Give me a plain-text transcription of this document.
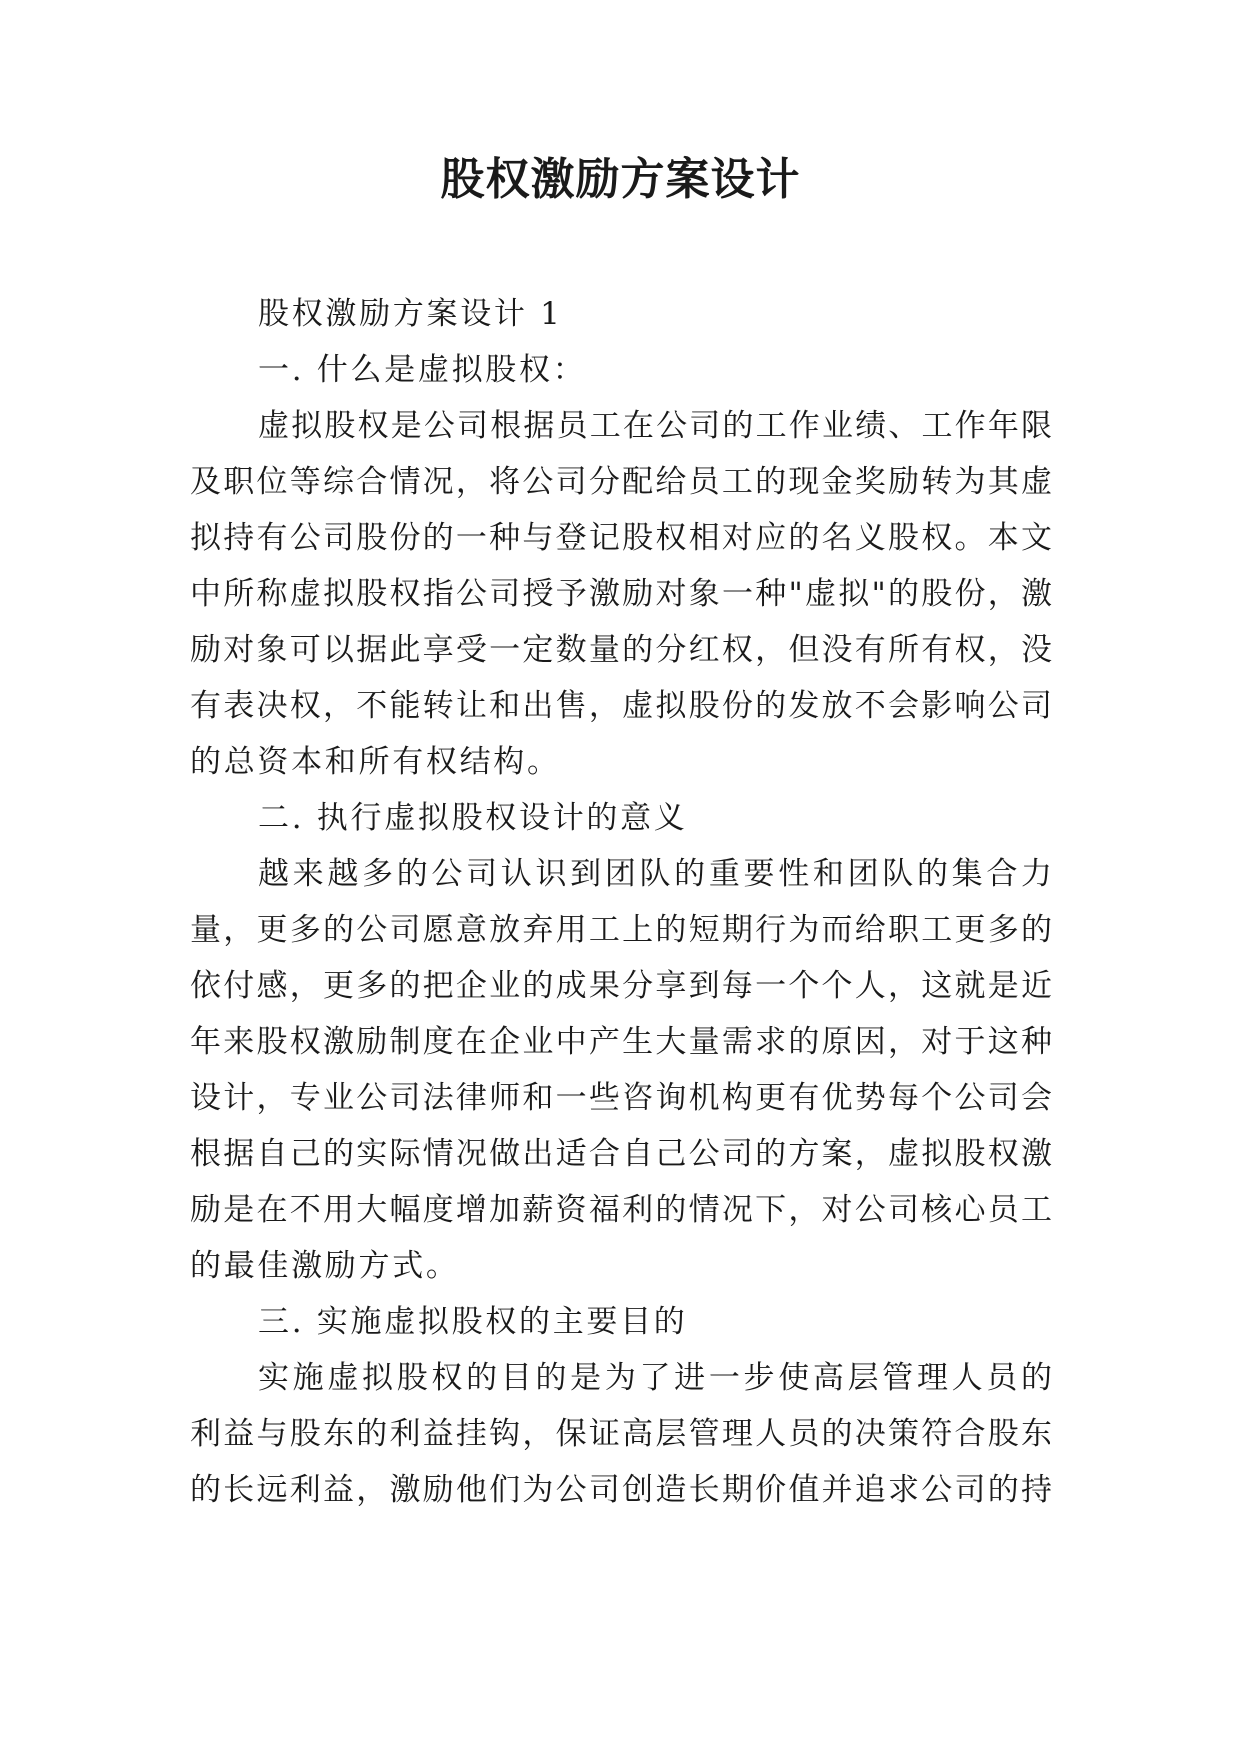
股权激励方案设计
股权激励方案设计 1
一. 什么是虚拟股权：
虚拟股权是公司根据员工在公司的工作业绩、工作年限
及职位等综合情况，将公司分配给员工的现金奖励转为其虚
拟持有公司股份的一种与登记股权相对应的名义股权。本文
中所称虚拟股权指公司授予激励对象一种"虚拟"的股份，激
励对象可以据此享受一定数量的分红权，但没有所有权，没
有表决权，不能转让和出售，虚拟股份的发放不会影响公司
的总资本和所有权结构。
二. 执行虚拟股权设计的意义
越来越多的公司认识到团队的重要性和团队的集合力
量，更多的公司愿意放弃用工上的短期行为而给职工更多的
依付感，更多的把企业的成果分享到每一个个人，这就是近
年来股权激励制度在企业中产生大量需求的原因，对于这种
设计，专业公司法律师和一些咨询机构更有优势每个公司会
根据自己的实际情况做出适合自己公司的方案，虚拟股权激
励是在不用大幅度增加薪资福利的情况下，对公司核心员工
的最佳激励方式。
三. 实施虚拟股权的主要目的
实施虚拟股权的目的是为了进一步使高层管理人员的
利益与股东的利益挂钩，保证高层管理人员的决策符合股东
的长远利益，激励他们为公司创造长期价值并追求公司的持
